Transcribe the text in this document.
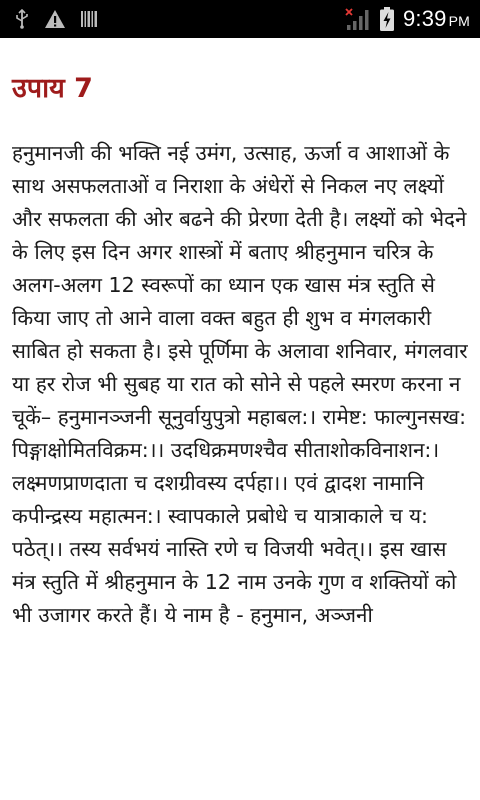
9:39 PM
उपाय 7

हनुमानजी की भक्ति नई उमंग, उत्साह, ऊर्जा व आशाओं के साथ असफलताओं व निराशा के अंधेरों से निकल नए लक्ष्यों और सफलता की ओर बढने की प्रेरणा देती है। लक्ष्यों को भेदने के लिए इस दिन अगर शास्त्रों में बताए श्रीहनुमान चरित्र के अलग-अलग 12 स्वरूपों का ध्यान एक खास मंत्र स्तुति से किया जाए तो आने वाला वक्त बहुत ही शुभ व मंगलकारी साबित हो सकता है। इसे पूर्णिमा के अलावा शनिवार, मंगलवार या हर रोज भी सुबह या रात को सोने से पहले स्मरण करना न चूकें– हनुमानञ्जनी सूनुर्वायुपुत्रो महाबल:। रामेष्ट: फाल्गुनसख: पिङ्गाक्षोमितविक्रम:।। उदधिक्रमणश्चैव सीताशोकविनाशन:। लक्ष्मणप्राणदाता च दशग्रीवस्य दर्पहा।। एवं द्वादश नामानि कपीन्द्रस्य महात्मन:। स्वापकाले प्रबोधे च यात्राकाले च य: पठेत्।। तस्य सर्वभयं नास्ति रणे च विजयी भवेत्।। इस खास मंत्र स्तुति में श्रीहनुमान के 12 नाम उनके गुण व शक्तियों को भी उजागर करते हैं। ये नाम है - हनुमान, अञ्जनी
